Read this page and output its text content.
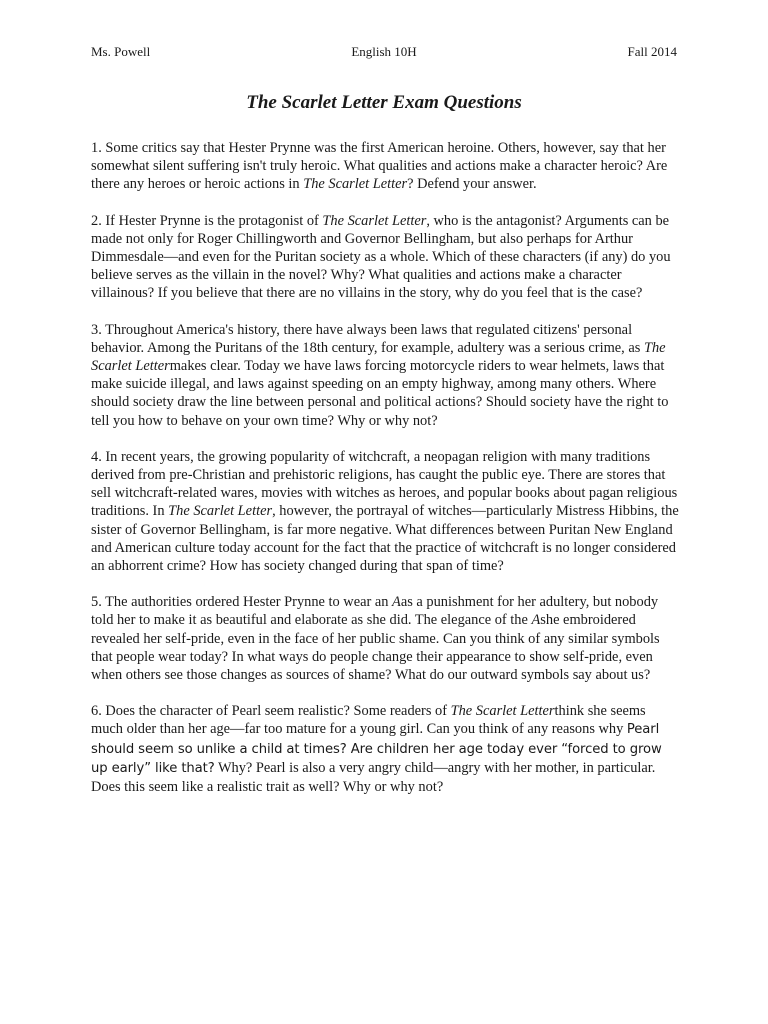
Ms. Powell	English 10H	Fall 2014
The Scarlet Letter Exam Questions

1. Some critics say that Hester Prynne was the first American heroine. Others, however, say that her somewhat silent suffering isn't truly heroic. What qualities and actions make a character heroic? Are there any heroes or heroic actions in The Scarlet Letter? Defend your answer.

2. If Hester Prynne is the protagonist of The Scarlet Letter, who is the antagonist? Arguments can be made not only for Roger Chillingworth and Governor Bellingham, but also perhaps for Arthur Dimmesdale—and even for the Puritan society as a whole. Which of these characters (if any) do you believe serves as the villain in the novel? Why? What qualities and actions make a character villainous? If you believe that there are no villains in the story, why do you feel that is the case?

3. Throughout America's history, there have always been laws that regulated citizens' personal behavior. Among the Puritans of the 18th century, for example, adultery was a serious crime, as The Scarlet Lettermakes clear. Today we have laws forcing motorcycle riders to wear helmets, laws that make suicide illegal, and laws against speeding on an empty highway, among many others. Where should society draw the line between personal and political actions? Should society have the right to tell you how to behave on your own time? Why or why not?

4. In recent years, the growing popularity of witchcraft, a neopagan religion with many traditions derived from pre-Christian and prehistoric religions, has caught the public eye. There are stores that sell witchcraft-related wares, movies with witches as heroes, and popular books about pagan religious traditions. In The Scarlet Letter, however, the portrayal of witches—particularly Mistress Hibbins, the sister of Governor Bellingham, is far more negative. What differences between Puritan New England and American culture today account for the fact that the practice of witchcraft is no longer considered an abhorrent crime? How has society changed during that span of time?

5. The authorities ordered Hester Prynne to wear an Aas a punishment for her adultery, but nobody told her to make it as beautiful and elaborate as she did. The elegance of the Ashe embroidered revealed her self-pride, even in the face of her public shame. Can you think of any similar symbols that people wear today? In what ways do people change their appearance to show self-pride, even when others see those changes as sources of shame? What do our outward symbols say about us?

6. Does the character of Pearl seem realistic? Some readers of The Scarlet Letterthink she seems much older than her age—far too mature for a young girl. Can you think of any reasons why Pearl should seem so unlike a child at times? Are children her age today ever “forced to grow up early” like that? Why? Pearl is also a very angry child—angry with her mother, in particular. Does this seem like a realistic trait as well? Why or why not?
